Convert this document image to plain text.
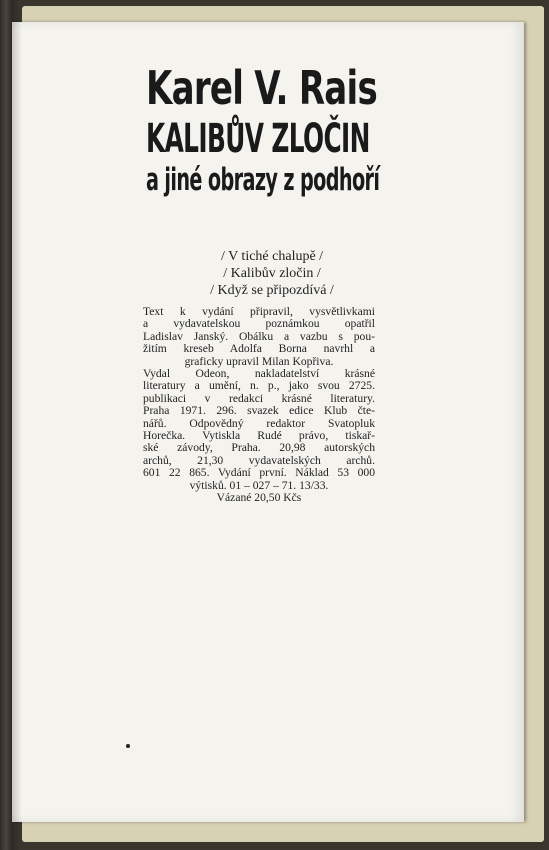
Karel V. Rais
KALIBŮV ZLOČIN
a jiné obrazy z podhoří
/ V tiché chalupě /
/ Kalibův zločin /
/ Když se připozdívá /
Text k vydání připravil, vysvětlivkami
a vydavatelskou poznámkou opatřil
Ladislav Janský. Obálku a vazbu s pou-
žitím kreseb Adolfa Borna navrhl a
graficky upravil Milan Kopřiva.
Vydal Odeon, nakladatelství krásné
literatury a umění, n. p., jako svou 2725.
publikaci v redakci krásné literatury.
Praha 1971. 296. svazek edice Klub čte-
nářů. Odpovědný redaktor Svatopluk
Horečka. Vytiskla Rudé právo, tiskař-
ské závody, Praha. 20,98 autorských
archů, 21,30 vydavatelských archů.
601 22 865. Vydání první. Náklad 53 000
výtisků. 01 – 027 – 71. 13/33.
Vázané 20,50 Kčs
